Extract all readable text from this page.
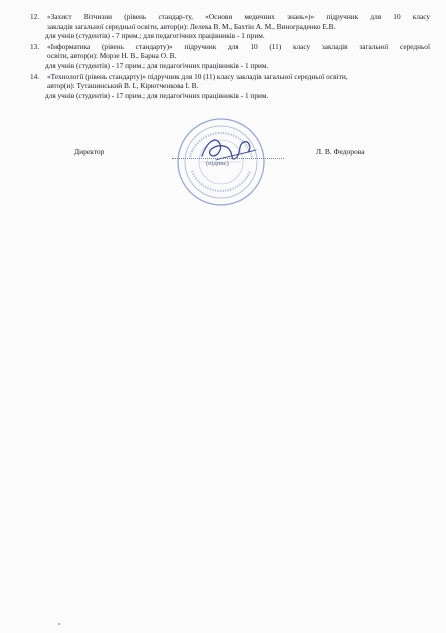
12.	«Захист Вітчизни (рівень стандар-ту, «Основи медичних знань»)» підручник для 10 класу
закладів загальної середньої освіти, автор(и): Лелека В. М., Бахтін А. М., Винограденко Е.В.
для учнів (студентів) - 7 прим.; для педагогічних працівників - 1 прим.
13.	«Інформатика (рівень стандарту)» підручник для 10 (11) класу закладів загальної середньої
освіти, автор(и): Морзе Н. В., Барна О. В.
для учнів (студентів) - 17 прим.; для педагогічних працівників - 1 прим.
14.	«Технології (рівень стандарту)» підручник для 10 (11) класу закладів загальної середньої освіти,
автор(и): Туташинський В. І., Кірютченкова І. В.
для учнів (студентів) - 17 прим.; для педагогічних працівників - 1 прим.
Директор	Л. В. Федорова
(підпис)
